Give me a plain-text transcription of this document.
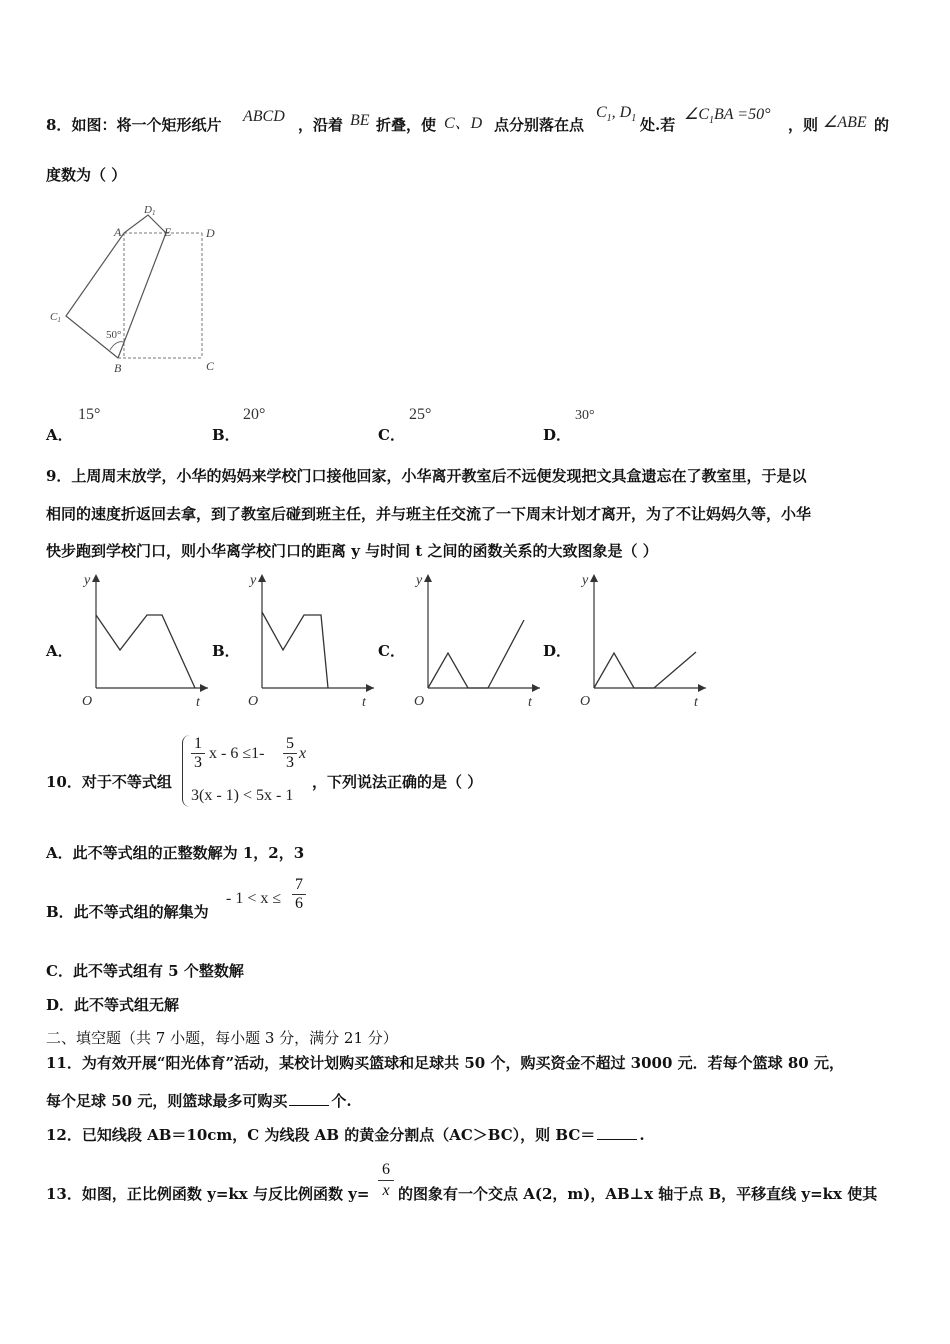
8．如图：将一个矩形纸片 ABCD ，沿着 BE 折叠，使 C、D 点分别落在点
$C_1$, $D_1$ 处.若
$\angle C_1BA =50^\circ$
，则 ∠ABE 的
度数为（ ）
A
D1
E	D
C1
50°
B	C
A．
15°
B．
20°
C．
25°
D．
30°
9．上周周末放学，小华的妈妈来学校门口接他回家，小华离开教室后不远便发现把文具盒遗忘在了教室里，于是以
相同的速度折返回去拿，到了教室后碰到班主任，并与班主任交流了一下周末计划才离开，为了不让妈妈久等，小华
快步跑到学校门口，则小华离学校门口的距离 y 与时间 t 之间的函数关系的大致图象是（ ）
A．
y
O	t
B．
y
O	t
C．
y
O	t
D．
y
O	t
10．对于不等式组
1
3
x - 6 ≤1-
5
3
x
3(x - 1) < 5x - 1
，下列说法正确的是（ ）
A．此不等式组的正整数解为 1，2，3
B．此不等式组的解集为
- 1 < x ≤
7
6
C．此不等式组有 5 个整数解
D．此不等式组无解
二、填空题（共 7 小题，每小题 3 分，满分 21 分）
11．为有效开展“阳光体育”活动，某校计划购买篮球和足球共 50 个，购买资金不超过 3000 元．若每个篮球 80 元，
每个足球 50 元，则篮球最多可购买	个.
12．已知线段 AB＝10cm，C 为线段 AB 的黄金分割点（AC＞BC），则 BC＝	.
13．如图，正比例函数 y=kx 与反比例函数 y=
6
x 的图象有一个交点 A(2，m)，AB⊥x 轴于点 B，平移直线 y=kx 使其
